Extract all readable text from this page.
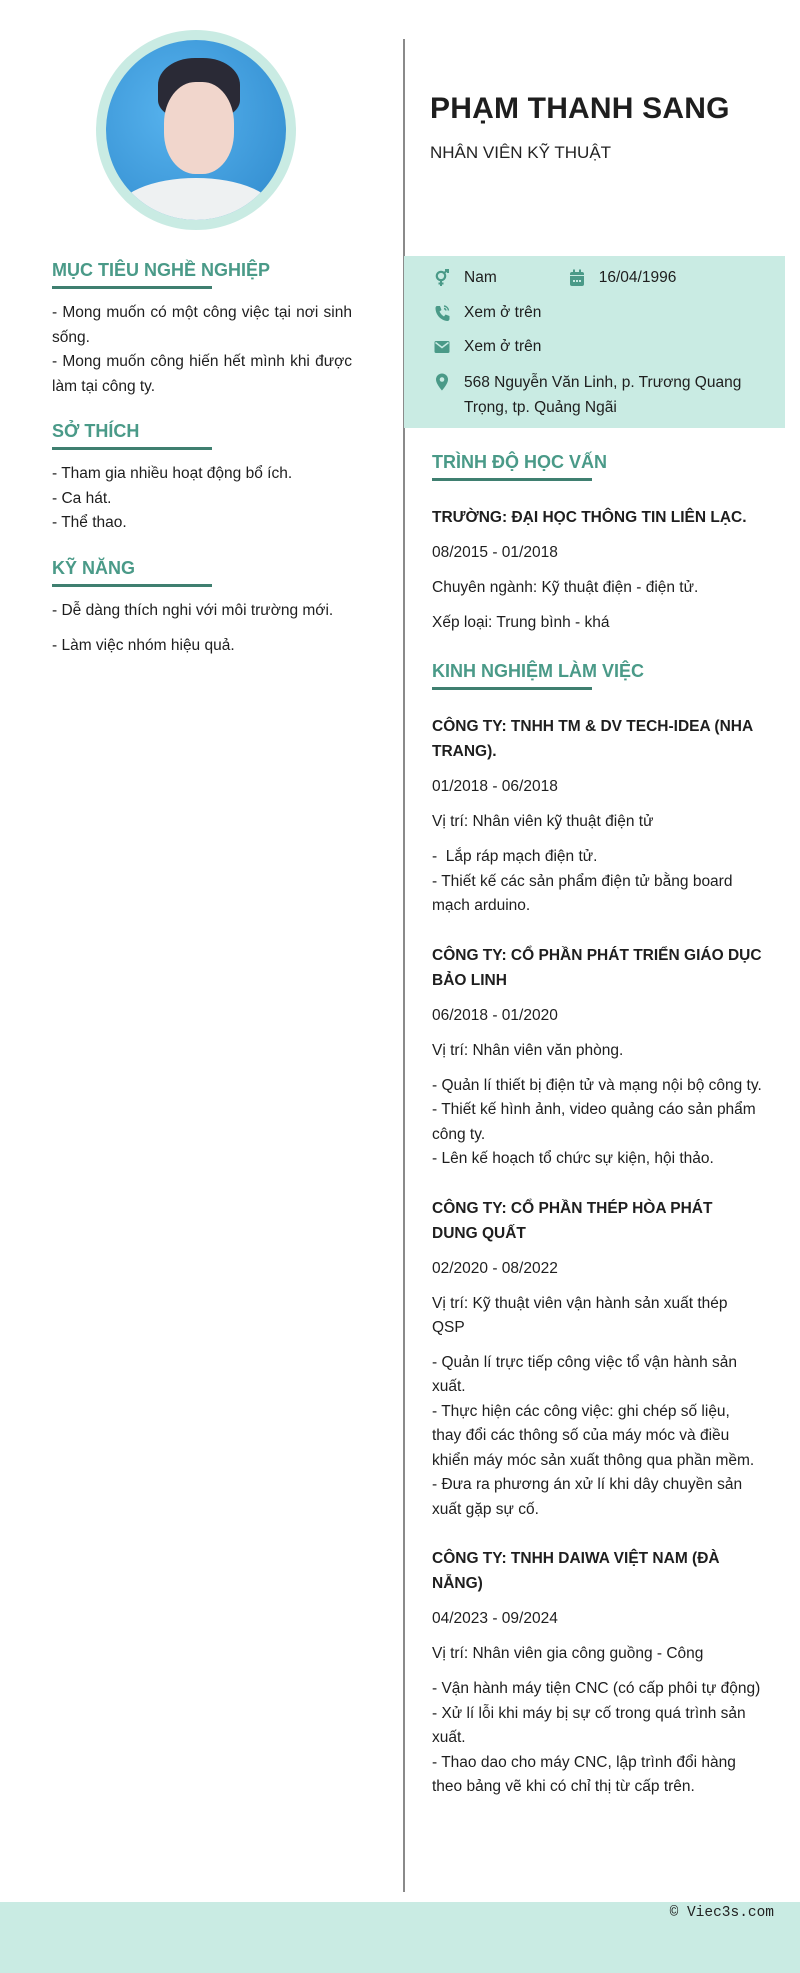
MỤC TIÊU NGHỀ NGHIỆP
- Mong muốn có một công việc tại nơi sinh sống.
- Mong muốn công hiến hết mình khi được làm tại công ty.
SỞ THÍCH
- Tham gia nhiều hoạt động bổ ích.
- Ca hát.
- Thể thao.
KỸ NĂNG
- Dễ dàng thích nghi với môi trường mới.
- Làm việc nhóm hiệu quả.
PHẠM THANH SANG
NHÂN VIÊN KỸ THUẬT
Nam	16/04/1996
Xem ở trên
Xem ở trên
568 Nguyễn Văn Linh, p. Trương Quang Trọng, tp. Quảng Ngãi
TRÌNH ĐỘ HỌC VẤN
TRƯỜNG: ĐẠI HỌC THÔNG TIN LIÊN LẠC.
08/2015 - 01/2018
Chuyên ngành: Kỹ thuật điện - điện tử.
Xếp loại: Trung bình - khá
KINH NGHIỆM LÀM VIỆC
CÔNG TY: TNHH TM & DV TECH-IDEA (NHA TRANG).
01/2018 - 06/2018
Vị trí: Nhân viên kỹ thuật điện tử
-  Lắp ráp mạch điện tử.
- Thiết kế các sản phẩm điện tử bằng board mạch arduino.
CÔNG TY: CỔ PHẦN PHÁT TRIỂN GIÁO DỤC BẢO LINH
06/2018 - 01/2020
Vị trí: Nhân viên văn phòng.
- Quản lí thiết bị điện tử và mạng nội bộ công ty.
- Thiết kế hình ảnh, video quảng cáo sản phẩm công ty.
- Lên kế hoạch tổ chức sự kiện, hội thảo.
CÔNG TY: CỔ PHẦN THÉP HÒA PHÁT DUNG QUẤT
02/2020 - 08/2022
Vị trí: Kỹ thuật viên vận hành sản xuất thép QSP
- Quản lí trực tiếp công việc tổ vận hành sản xuất.
- Thực hiện các công việc: ghi chép số liệu, thay đổi các thông số của máy móc và điều khiển máy móc sản xuất thông qua phần mềm.
- Đưa ra phương án xử lí khi dây chuyền sản xuất gặp sự cố.
CÔNG TY: TNHH DAIWA VIỆT NAM (ĐÀ NẴNG)
04/2023 - 09/2024
Vị trí: Nhân viên gia công guồng - Công
- Vận hành máy tiện CNC (có cấp phôi tự động)
- Xử lí lỗi khi máy bị sự cố trong quá trình sản xuất.
- Thao dao cho máy CNC, lập trình đổi hàng theo bảng vẽ khi có chỉ thị từ cấp trên.
© Viec3s.com
